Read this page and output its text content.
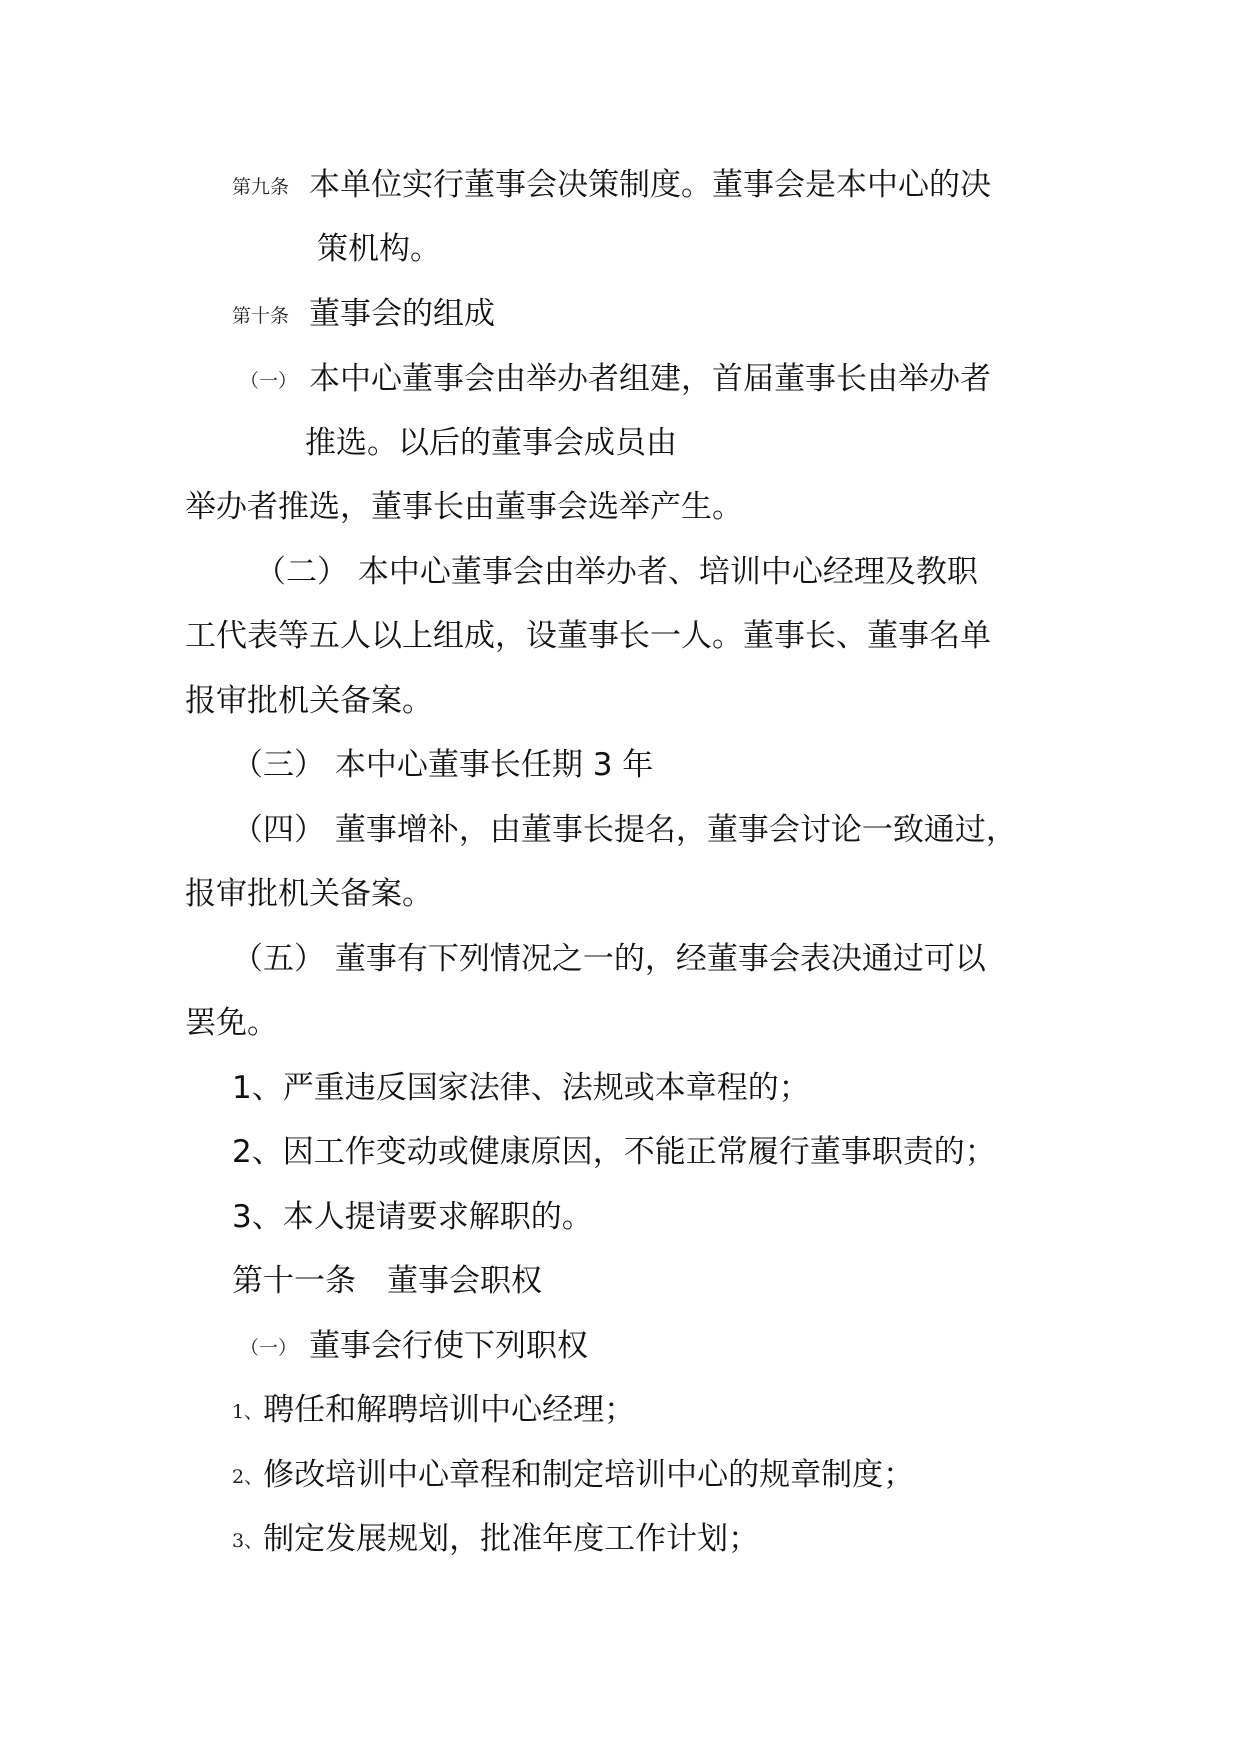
第九条 本单位实行董事会决策制度。董事会是本中心的决
策机构。
第十条 董事会的组成
（一） 本中心董事会由举办者组建，首届董事长由举办者
推选。以后的董事会成员由
举办者推选，董事长由董事会选举产生。
（二） 本中心董事会由举办者、培训中心经理及教职
工代表等五人以上组成，设董事长一人。董事长、董事名单
报审批机关备案。
（三） 本中心董事长任期 3 年
（四） 董事增补，由董事长提名，董事会讨论一致通过，
报审批机关备案。
（五） 董事有下列情况之一的，经董事会表决通过可以
罢免。
1、严重违反国家法律、法规或本章程的；
2、因工作变动或健康原因，不能正常履行董事职责的；
3、本人提请要求解职的。
第十一条　董事会职权
（一） 董事会行使下列职权
1、聘任和解聘培训中心经理；
2、修改培训中心章程和制定培训中心的规章制度；
3、制定发展规划，批准年度工作计划；
